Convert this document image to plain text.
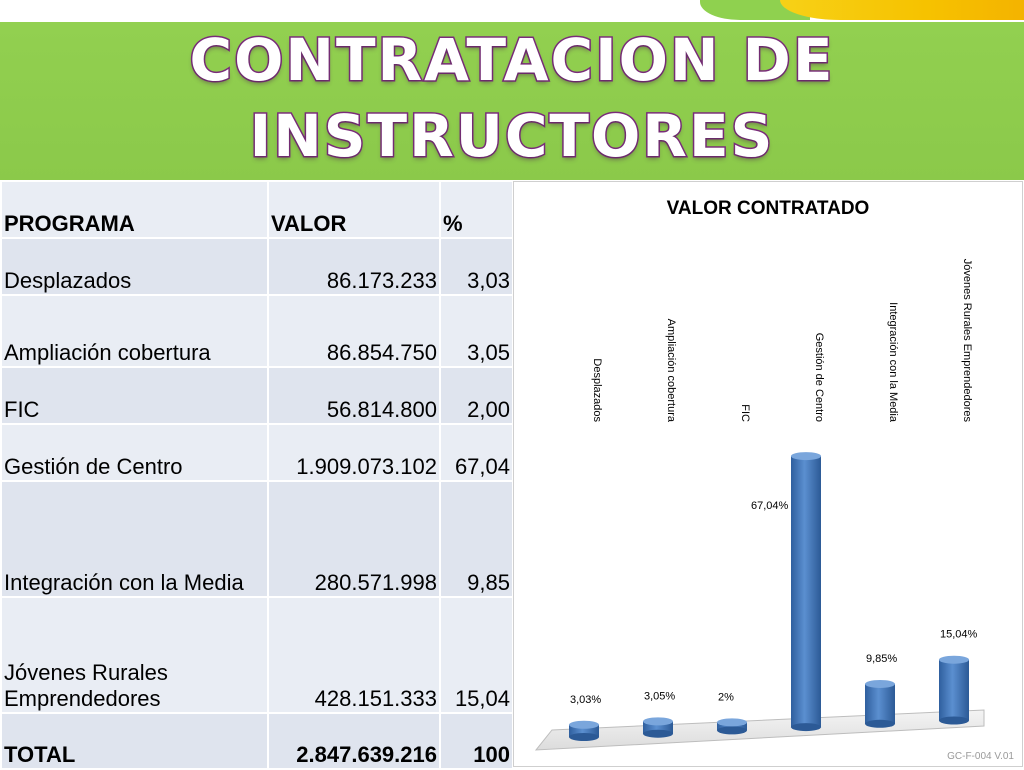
CONTRATACION DE
INSTRUCTORES
PROGRAMA	VALOR	%
Desplazados	86.173.233	3,03
Ampliación cobertura	86.854.750	3,05
FIC	56.814.800	2,00
Gestión de Centro	1.909.073.102	67,04
Integración con la Media	280.571.998	9,85
Jóvenes Rurales Emprendedores	428.151.333	15,04
TOTAL	2.847.639.216	100
VALOR CONTRATADO
Desplazados	Ampliación cobertura	FIC	Gestión de Centro	Integración con la Media	Jóvenes Rurales Emprendedores
3,03%	3,05%	2%
67,04%
9,85%
15,04%
GC-F-004 V.01
